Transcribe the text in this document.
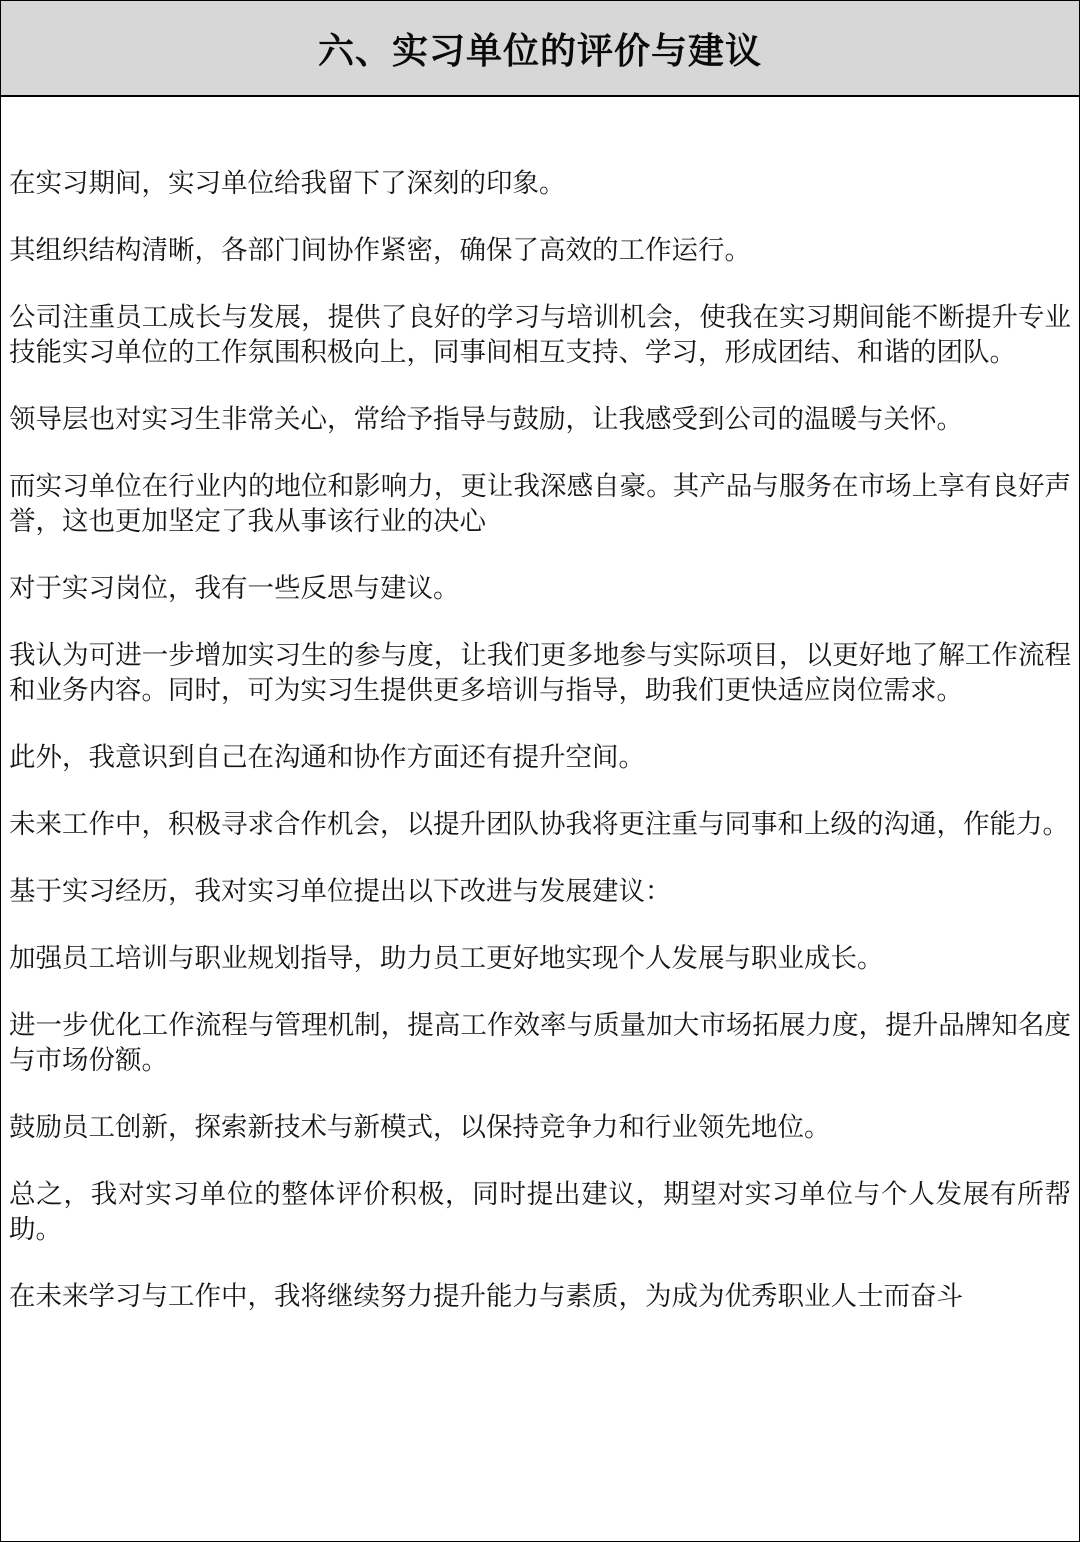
六、实习单位的评价与建议

在实习期间，实习单位给我留下了深刻的印象。

其组织结构清晰，各部门间协作紧密，确保了高效的工作运行。

公司注重员工成长与发展，提供了良好的学习与培训机会，使我在实习期间能不断提升专业技能实习单位的工作氛围积极向上，同事间相互支持、学习，形成团结、和谐的团队。

领导层也对实习生非常关心，常给予指导与鼓励，让我感受到公司的温暖与关怀。

而实习单位在行业内的地位和影响力，更让我深感自豪。其产品与服务在市场上享有良好声誉，这也更加坚定了我从事该行业的决心

对于实习岗位，我有一些反思与建议。

我认为可进一步增加实习生的参与度，让我们更多地参与实际项目，以更好地了解工作流程和业务内容。同时，可为实习生提供更多培训与指导，助我们更快适应岗位需求。

此外，我意识到自己在沟通和协作方面还有提升空间。

未来工作中，积极寻求合作机会，以提升团队协我将更注重与同事和上级的沟通，作能力。

基于实习经历，我对实习单位提出以下改进与发展建议：

加强员工培训与职业规划指导，助力员工更好地实现个人发展与职业成长。

进一步优化工作流程与管理机制，提高工作效率与质量加大市场拓展力度，提升品牌知名度与市场份额。

鼓励员工创新，探索新技术与新模式，以保持竞争力和行业领先地位。

总之，我对实习单位的整体评价积极，同时提出建议，期望对实习单位与个人发展有所帮助。

在未来学习与工作中，我将继续努力提升能力与素质，为成为优秀职业人士而奋斗
